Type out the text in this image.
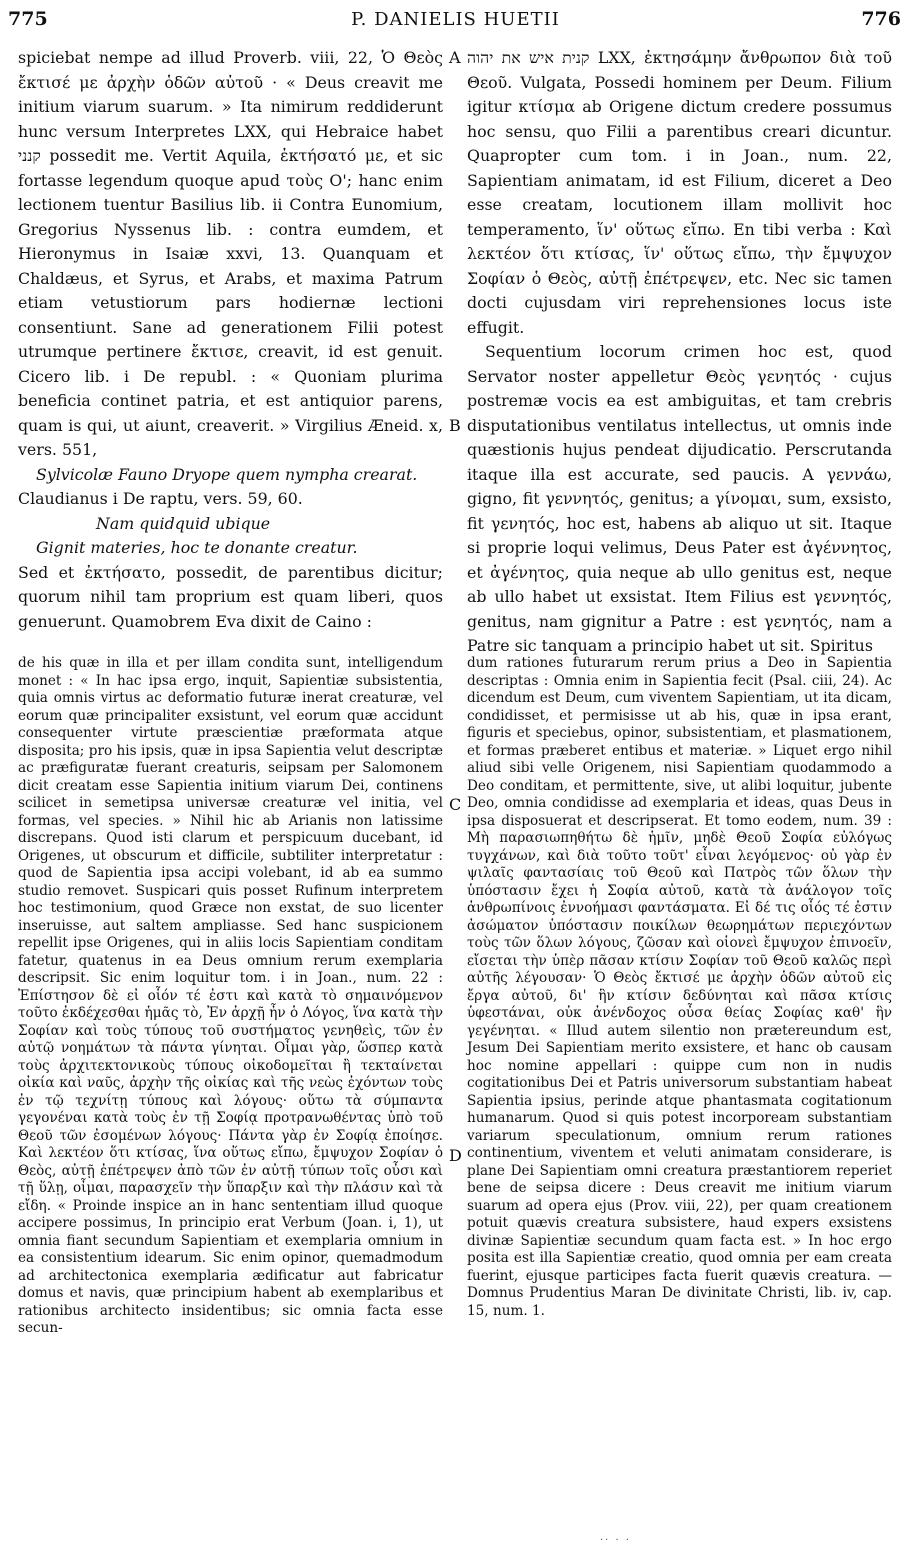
775	P. DANIELIS HUETII	776
A
B
C
D

spiciebat nempe ad illud Proverb. viii, 22, Ὁ Θεὸς ἔκτισέ με ἀρχὴν ὁδῶν αὐτοῦ · « Deus creavit me initium viarum suarum. » Ita nimirum reddiderunt hunc versum Interpretes LXX, qui Hebraice habet קנני possedit me. Vertit Aquila, ἐκτήσατό με, et sic fortasse legendum quoque apud τοὺς Ο'; hanc enim lectionem tuentur Basilius lib. ii Contra Eunomium, Gregorius Nyssenus lib. : contra eumdem, et Hieronymus in Isaiæ xxvi, 13. Quanquam et Chaldæus, et Syrus, et Arabs, et maxima Patrum etiam vetustiorum pars hodiernæ lectioni consentiunt. Sane ad generationem Filii potest utrumque pertinere ἔκτισε, creavit, id est genuit. Cicero lib. i De republ. : « Quoniam plurima beneficia continet patria, et est antiquior parens, quam is qui, ut aiunt, creaverit. » Virgilius Æneid. x, vers. 551,

Sylvicolæ Fauno Dryope quem nympha crearat.

Claudianus i De raptu, vers. 59, 60.

Nam quidquid ubique

Gignit materies, hoc te donante creatur.

Sed et ἐκτήσατο, possedit, de parentibus dicitur; quorum nihil tam proprium est quam liberi, quos genuerunt. Quamobrem Eva dixit de Caino :

קנית איש את יהוה LXX, ἐκτησάμην ἄνθρωπον διὰ τοῦ Θεοῦ. Vulgata, Possedi hominem per Deum. Filium igitur κτίσμα ab Origene dictum credere possumus hoc sensu, quo Filii a parentibus creari dicuntur. Quapropter cum tom. i in Joan., num. 22, Sapientiam animatam, id est Filium, diceret a Deo esse creatam, locutionem illam mollivit hoc temperamento, ἵν' οὕτως εἴπω. En tibi verba : Καὶ λεκτέον ὅτι κτίσας, ἵν' οὕτως εἴπω, τὴν ἔμψυχον Σοφίαν ὁ Θεὸς, αὐτῇ ἐπέτρεψεν, etc. Nec sic tamen docti cujusdam viri reprehensiones locus iste effugit.

Sequentium locorum crimen hoc est, quod Servator noster appelletur Θεὸς γενητός · cujus postremæ vocis ea est ambiguitas, et tam crebris disputationibus ventilatus intellectus, ut omnis inde quæstionis hujus pendeat dijudicatio. Perscrutanda itaque illa est accurate, sed paucis. A γεννάω, gigno, fit γεννητός, genitus; a γίνομαι, sum, exsisto, fit γενητός, hoc est, habens ab aliquo ut sit. Itaque si proprie loqui velimus, Deus Pater est ἀγέννητος, et ἀγένητος, quia neque ab ullo genitus est, neque ab ullo habet ut exsistat. Item Filius est γεννητός, genitus, nam gignitur a Patre : est γενητός, nam a Patre sic tanquam a principio habet ut sit. Spiritus

de his quæ in illa et per illam condita sunt, intelligendum monet : « In hac ipsa ergo, inquit, Sapientiæ subsistentia, quia omnis virtus ac deformatio futuræ inerat creaturæ, vel eorum quæ principaliter exsistunt, vel eorum quæ accidunt consequenter virtute præscientiæ præformata atque disposita; pro his ipsis, quæ in ipsa Sapientia velut descriptæ ac præfiguratæ fuerant creaturis, seipsam per Salomonem dicit creatam esse Sapientia initium viarum Dei, continens scilicet in semetipsa universæ creaturæ vel initia, vel formas, vel species. » Nihil hic ab Arianis non latissime discrepans. Quod isti clarum et perspicuum ducebant, id Origenes, ut obscurum et difficile, subtiliter interpretatur : quod de Sapientia ipsa accipi volebant, id ab ea summo studio removet. Suspicari quis posset Rufinum interpretem hoc testimonium, quod Græce non exstat, de suo licenter inseruisse, aut saltem ampliasse. Sed hanc suspicionem repellit ipse Origenes, qui in aliis locis Sapientiam conditam fatetur, quatenus in ea Deus omnium rerum exemplaria descripsit. Sic enim loquitur tom. i in Joan., num. 22 : Ἐπίστησον δὲ εἰ οἷόν τέ ἐστι καὶ κατὰ τὸ σημαινόμενον τοῦτο ἐκδέχεσθαι ἡμᾶς τὸ, Ἐν ἀρχῇ ἦν ὁ Λόγος, ἵνα κατὰ τὴν Σοφίαν καὶ τοὺς τύπους τοῦ συστήματος γενηθεὶς, τῶν ἐν αὐτῷ νοημάτων τὰ πάντα γίνηται. Οἶμαι γὰρ, ὥσπερ κατὰ τοὺς ἀρχιτεκτονικοὺς τύπους οἰκοδομεῖται ἢ τεκταίνεται οἰκία καὶ ναῦς, ἀρχὴν τῆς οἰκίας καὶ τῆς νεὼς ἐχόντων τοὺς ἐν τῷ τεχνίτῃ τύπους καὶ λόγους· οὕτω τὰ σύμπαντα γεγονέναι κατὰ τοὺς ἐν τῇ Σοφίᾳ προτρανωθέντας ὑπὸ τοῦ Θεοῦ τῶν ἐσομένων λόγους· Πάντα γὰρ ἐν Σοφίᾳ ἐποίησε. Καὶ λεκτέον ὅτι κτίσας, ἵνα οὕτως εἴπω, ἔμψυχον Σοφίαν ὁ Θεὸς, αὐτῇ ἐπέτρεψεν ἀπὸ τῶν ἐν αὐτῇ τύπων τοῖς οὖσι καὶ τῇ ὕλῃ, οἶμαι, παρασχεῖν τὴν ὕπαρξιν καὶ τὴν πλάσιν καὶ τὰ εἴδη. « Proinde inspice an in hanc sententiam illud quoque accipere possimus, In principio erat Verbum (Joan. i, 1), ut omnia fiant secundum Sapientiam et exemplaria omnium in ea consistentium idearum. Sic enim opinor, quemadmodum ad architectonica exemplaria ædificatur aut fabricatur domus et navis, quæ principium habent ab exemplaribus et rationibus architecto insidentibus; sic omnia facta esse secun-

dum rationes futurarum rerum prius a Deo in Sapientia descriptas : Omnia enim in Sapientia fecit (Psal. ciii, 24). Ac dicendum est Deum, cum viventem Sapientiam, ut ita dicam, condidisset, et permisisse ut ab his, quæ in ipsa erant, figuris et speciebus, opinor, subsistentiam, et plasmationem, et formas præberet entibus et materiæ. » Liquet ergo nihil aliud sibi velle Origenem, nisi Sapientiam quodammodo a Deo conditam, et permittente, sive, ut alibi loquitur, jubente Deo, omnia condidisse ad exemplaria et ideas, quas Deus in ipsa disposuerat et descripserat. Et tomo eodem, num. 39 : Μὴ παρασιωπηθήτω δὲ ἡμῖν, μηδὲ Θεοῦ Σοφία εὐλόγως τυγχάνων, καὶ διὰ τοῦτο τοῦτ' εἶναι λεγόμενος· οὐ γὰρ ἐν ψιλαῖς φαντασίαις τοῦ Θεοῦ καὶ Πατρὸς τῶν ὅλων τὴν ὑπόστασιν ἔχει ἡ Σοφία αὐτοῦ, κατὰ τὰ ἀνάλογον τοῖς ἀνθρωπίνοις ἐννοήμασι φαντάσματα. Εἰ δέ τις οἷός τέ ἐστιν ἀσώματον ὑπόστασιν ποικίλων θεωρημάτων περιεχόντων τοὺς τῶν ὅλων λόγους, ζῶσαν καὶ οἱονεὶ ἔμψυχον ἐπινοεῖν, εἴσεται τὴν ὑπὲρ πᾶσαν κτίσιν Σοφίαν τοῦ Θεοῦ καλῶς περὶ αὐτῆς λέγουσαν· Ὁ Θεὸς ἔκτισέ με ἀρχὴν ὁδῶν αὐτοῦ εἰς ἔργα αὐτοῦ, δι' ἣν κτίσιν δεδύνηται καὶ πᾶσα κτίσις ὑφεστάναι, οὐκ ἀνένδοχος οὖσα θείας Σοφίας καθ' ἣν γεγένηται. « Illud autem silentio non prætereundum est, Jesum Dei Sapientiam merito exsistere, et hanc ob causam hoc nomine appellari : quippe cum non in nudis cogitationibus Dei et Patris universorum substantiam habeat Sapientia ipsius, perinde atque phantasmata cogitationum humanarum. Quod si quis potest incorpoream substantiam variarum speculationum, omnium rerum rationes continentium, viventem et veluti animatam considerare, is plane Dei Sapientiam omni creatura præstantiorem reperiet bene de seipsa dicere : Deus creavit me initium viarum suarum ad opera ejus (Prov. viii, 22), per quam creationem potuit quævis creatura subsistere, haud expers exsistens divinæ Sapientiæ secundum quam facta est. » In hoc ergo posita est illa Sapientiæ creatio, quod omnia per eam creata fuerint, ejusque participes facta fuerit quævis creatura. — Domnus Prudentius Maran De divinitate Christi, lib. iv, cap. 15, num. 1.

·· · ·
